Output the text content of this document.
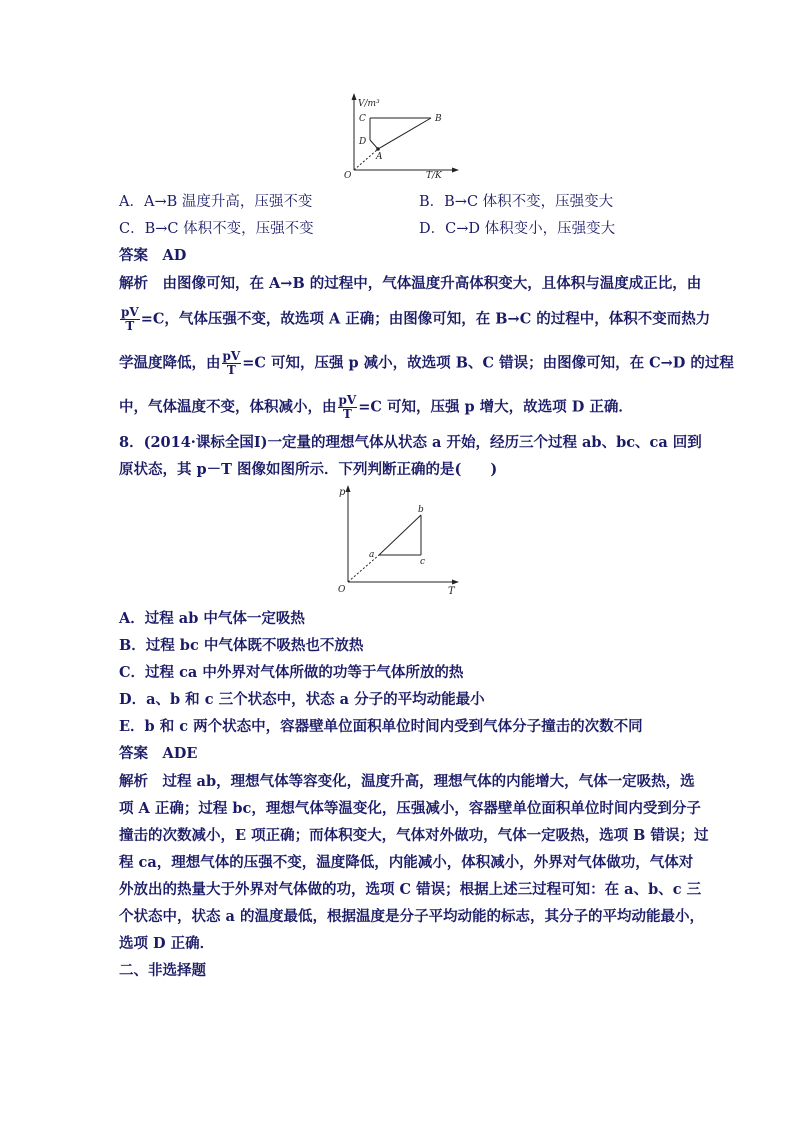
V/m³
T/K
O
C	B
D
A
A．A→B 温度升高，压强不变	B．B→C 体积不变，压强变大
C．B→C 体积不变，压强不变	D．C→D 体积变小，压强变大
答案　AD
解析　由图像可知，在 A→B 的过程中，气体温度升高体积变大，且体积与温度成正比，由
$\frac{pV}{T} =C$，气体压强不变，故选项 A 正确；由图像可知，在 B→C 的过程中，体积不变而热力
学温度降低，由 $\frac{pV}{T} =C$ 可知，压强 p 减小，故选项 B、C 错误；由图像可知，在 C→D 的过程
中，气体温度不变，体积减小，由 $\frac{pV}{T} =C$ 可知，压强 p 增大，故选项 D 正确．
8．(2014·课标全国Ⅰ)一定量的理想气体从状态 a 开始，经历三个过程 ab、bc、ca 回到
原状态，其 p－T 图像如图所示．下列判断正确的是(　　)
p
T
O
a
b
c
A．过程 ab 中气体一定吸热
B．过程 bc 中气体既不吸热也不放热
C．过程 ca 中外界对气体所做的功等于气体所放的热
D．a、b 和 c 三个状态中，状态 a 分子的平均动能最小
E．b 和 c 两个状态中，容器壁单位面积单位时间内受到气体分子撞击的次数不同
答案　ADE
解析　过程 ab，理想气体等容变化，温度升高，理想气体的内能增大，气体一定吸热，选
项 A 正确；过程 bc，理想气体等温变化，压强减小，容器壁单位面积单位时间内受到分子
撞击的次数减小，E 项正确；而体积变大，气体对外做功，气体一定吸热，选项 B 错误；过
程 ca，理想气体的压强不变，温度降低，内能减小，体积减小，外界对气体做功，气体对
外放出的热量大于外界对气体做的功，选项 C 错误；根据上述三过程可知：在 a、b、c 三
个状态中，状态 a 的温度最低，根据温度是分子平均动能的标志，其分子的平均动能最小，
选项 D 正确．
二、非选择题
